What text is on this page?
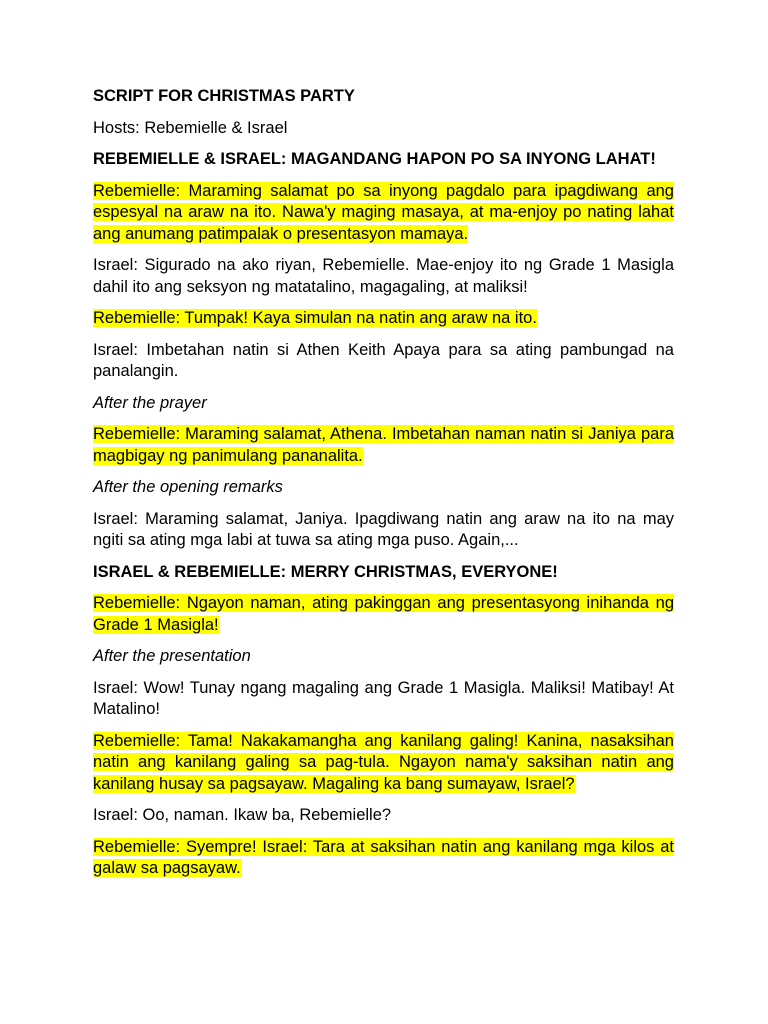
SCRIPT FOR CHRISTMAS PARTY

Hosts: Rebemielle & Israel

REBEMIELLE & ISRAEL: MAGANDANG HAPON PO SA INYONG LAHAT!

Rebemielle: Maraming salamat po sa inyong pagdalo para ipagdiwang ang espesyal na araw na ito. Nawa'y maging masaya, at ma-enjoy po nating lahat ang anumang patimpalak o presentasyon mamaya.

Israel: Sigurado na ako riyan, Rebemielle. Mae-enjoy ito ng Grade 1 Masigla dahil ito ang seksyon ng matatalino, magagaling, at maliksi!

Rebemielle: Tumpak! Kaya simulan na natin ang araw na ito.

Israel: Imbetahan natin si Athen Keith Apaya para sa ating pambungad na panalangin.

After the prayer

Rebemielle: Maraming salamat, Athena. Imbetahan naman natin si Janiya para magbigay ng panimulang pananalita.

After the opening remarks

Israel: Maraming salamat, Janiya. Ipagdiwang natin ang araw na ito na may ngiti sa ating mga labi at tuwa sa ating mga puso. Again,...

ISRAEL & REBEMIELLE: MERRY CHRISTMAS, EVERYONE!

Rebemielle: Ngayon naman, ating pakinggan ang presentasyong inihanda ng Grade 1 Masigla!

After the presentation

Israel: Wow! Tunay ngang magaling ang Grade 1 Masigla. Maliksi! Matibay! At Matalino!

Rebemielle: Tama! Nakakamangha ang kanilang galing! Kanina, nasaksihan natin ang kanilang galing sa pag-tula. Ngayon nama'y saksihan natin ang kanilang husay sa pagsayaw. Magaling ka bang sumayaw, Israel?

Israel: Oo, naman. Ikaw ba, Rebemielle?

Rebemielle: Syempre! Israel: Tara at saksihan natin ang kanilang mga kilos at galaw sa pagsayaw.
